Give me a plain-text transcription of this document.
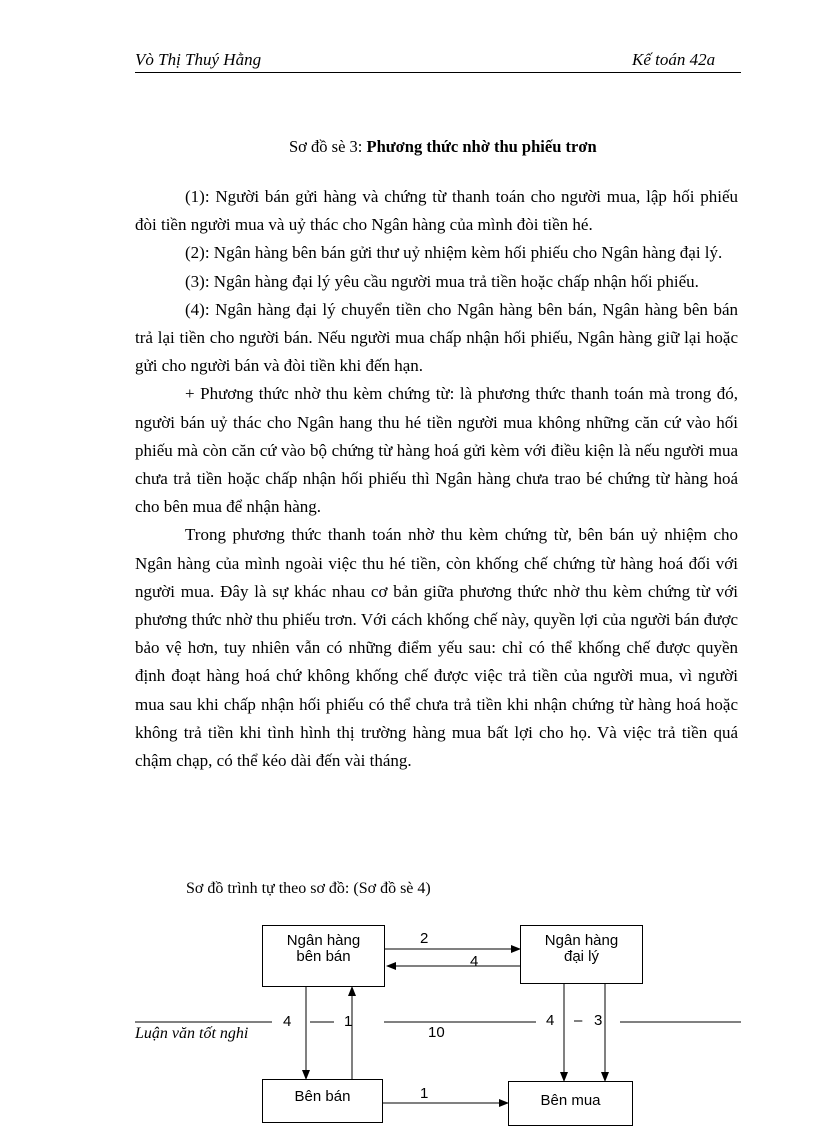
Vò Thị Thuý Hằng	Kế toán 42a
Sơ đồ sè 3: Phương thức nhờ thu phiếu trơn

(1): Người bán gửi hàng và chứng từ thanh toán cho người mua, lập hối phiếu đòi tiền người mua và uỷ thác cho Ngân hàng của mình đòi tiền hé.

(2): Ngân hàng bên bán gửi thư uỷ nhiệm kèm hối phiếu cho Ngân hàng đại lý.

(3): Ngân hàng đại lý yêu cầu người mua trả tiền hoặc chấp nhận hối phiếu.

(4): Ngân hàng đại lý chuyển tiền cho Ngân hàng bên bán, Ngân hàng bên bán trả lại tiền cho người bán. Nếu người mua chấp nhận hối phiếu, Ngân hàng giữ lại hoặc gửi cho người bán và đòi tiền khi đến hạn.

+ Phương thức nhờ thu kèm chứng từ: là phương thức thanh toán mà trong đó, người bán uỷ thác cho Ngân hang thu hé tiền người mua không những căn cứ vào hối phiếu mà còn căn cứ vào bộ chứng từ hàng hoá gửi kèm với điều kiện là nếu người mua chưa trả tiền hoặc chấp nhận hối phiếu thì Ngân hàng chưa trao bé chứng từ hàng hoá cho bên mua để nhận hàng.

Trong phương thức thanh toán nhờ thu kèm chứng từ, bên bán uỷ nhiệm cho Ngân hàng của mình ngoài việc thu hé tiền, còn khống chế chứng từ hàng hoá đối với người mua. Đây là sự khác nhau cơ bản giữa phương thức nhờ thu kèm chứng từ với phương thức nhờ thu phiếu trơn. Với cách khống chế này, quyền lợi của người bán được bảo vệ hơn, tuy nhiên vẫn có những điểm yếu sau: chỉ có thể khống chế được quyền định đoạt hàng hoá chứ không khống chế được việc trả tiền của người mua, vì người mua sau khi chấp nhận hối phiếu có thể chưa trả tiền khi nhận chứng từ hàng hoá hoặc không trả tiền khi tình hình thị trường hàng mua bất lợi cho họ. Và việc trả tiền quá chậm chạp, có thể kéo dài đến vài tháng.

Sơ đồ trình tự theo sơ đồ: (Sơ đồ sè 4)
Ngân hàng
bên bán
Ngân hàng
đại lý
Bên bán	Bên mua
2
4
4	1
10
4 – 3
1
Luận văn tốt nghi
